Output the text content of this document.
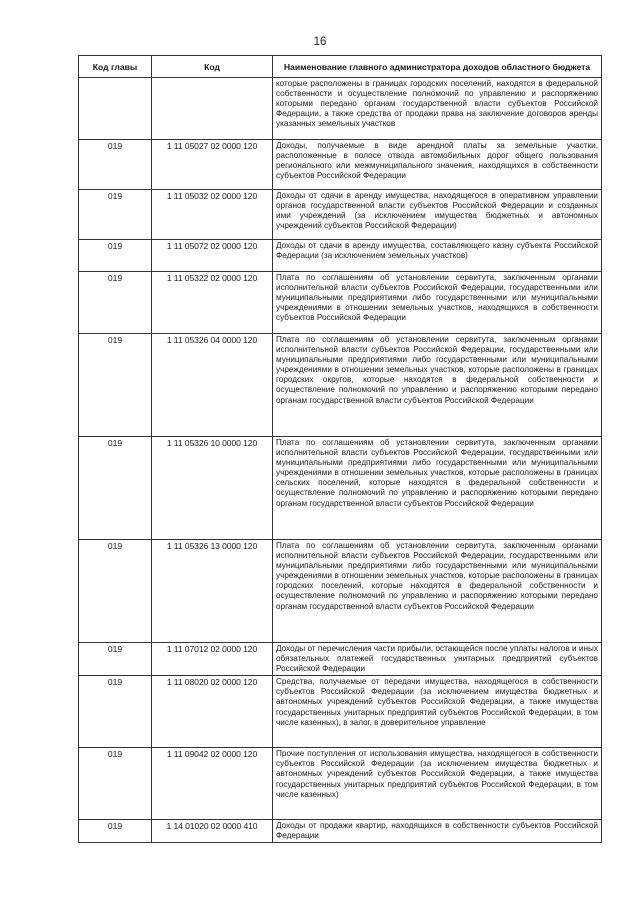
16
Код главы	Код	Наименование главного администратора доходов областного бюджета
		которые расположены в границах городских поселений, находятся в федеральной собственности и осуществление полномочий по управлению и распоряжению которыми передано органам государственной власти субъектов Российской Федерации, а также средства от продажи права на заключение договоров аренды указанных земельных участков
019	1 11 05027 02 0000 120	Доходы, получаемые в виде арендной платы за земельные участки, расположенные в полосе отвода автомобильных дорог общего пользования регионального или межмуниципального значения, находящихся в собственности субъектов Российской Федерации
019	1 11 05032 02 0000 120	Доходы от сдачи в аренду имущества, находящегося в оперативном управлении органов государственной власти субъектов Российской Федерации и созданных ими учреждений (за исключением имущества бюджетных и автономных учреждений субъектов Российской Федерации)
019	1 11 05072 02 0000 120	Доходы от сдачи в аренду имущества, составляющего казну субъекта Российской Федерации (за исключением земельных участков)
019	1 11 05322 02 0000 120	Плата по соглашениям об установлении сервитута, заключенным органами исполнительной власти субъектов Российской Федерации, государственными или муниципальными предприятиями либо государственными или муниципальными учреждениями в отношении земельных участков, находящихся в собственности субъектов Российской Федерации
019	1 11 05326 04 0000 120	Плата по соглашениям об установлении сервитута, заключенным органами исполнительной власти субъектов Российской Федерации, государственными или муниципальными предприятиями либо государственными или муниципальными учреждениями в отношении земельных участков, которые расположены в границах городских округов, которые находятся в федеральной собственности и осуществление полномочий по управлению и распоряжению которыми передано органам государственной власти субъектов Российской Федерации
019	1 11 05326 10 0000 120	Плата по соглашениям об установлении сервитута, заключенным органами исполнительной власти субъектов Российской Федерации, государственными или муниципальными предприятиями либо государственными или муниципальными учреждениями в отношении земельных участков, которые расположены в границах сельских поселений, которые находятся в федеральной собственности и осуществление полномочий по управлению и распоряжению которыми передано органам государственной власти субъектов Российской Федерации
019	1 11 05326 13 0000 120	Плата по соглашениям об установлении сервитута, заключенным органами исполнительной власти субъектов Российской Федерации, государственными или муниципальными предприятиями либо государственными или муниципальными учреждениями в отношении земельных участков, которые расположены в границах городских поселений, которые находятся в федеральной собственности и осуществление полномочий по управлению и распоряжению которыми передано органам государственной власти субъектов Российской Федерации
019	1 11 07012 02 0000 120	Доходы от перечисления части прибыли, остающейся после уплаты налогов и иных обязательных платежей государственных унитарных предприятий субъектов Российской Федерации
019	1 11 08020 02 0000 120	Средства, получаемые от передачи имущества, находящегося в собственности субъектов Российской Федерации (за исключением имущества бюджетных и автономных учреждений субъектов Российской Федерации, а также имущества государственных унитарных предприятий субъектов Российской Федерации, в том числе казенных), в залог, в доверительное управление
019	1 11 09042 02 0000 120	Прочие поступления от использования имущества, находящегося в собственности субъектов Российской Федерации (за исключением имущества бюджетных и автономных учреждений субъектов Российской Федерации, а также имущества государственных унитарных предприятий субъектов Российской Федерации, в том числе казенных)
019	1 14 01020 02 0000 410	Доходы от продажи квартир, находящихся в собственности субъектов Российской Федерации
